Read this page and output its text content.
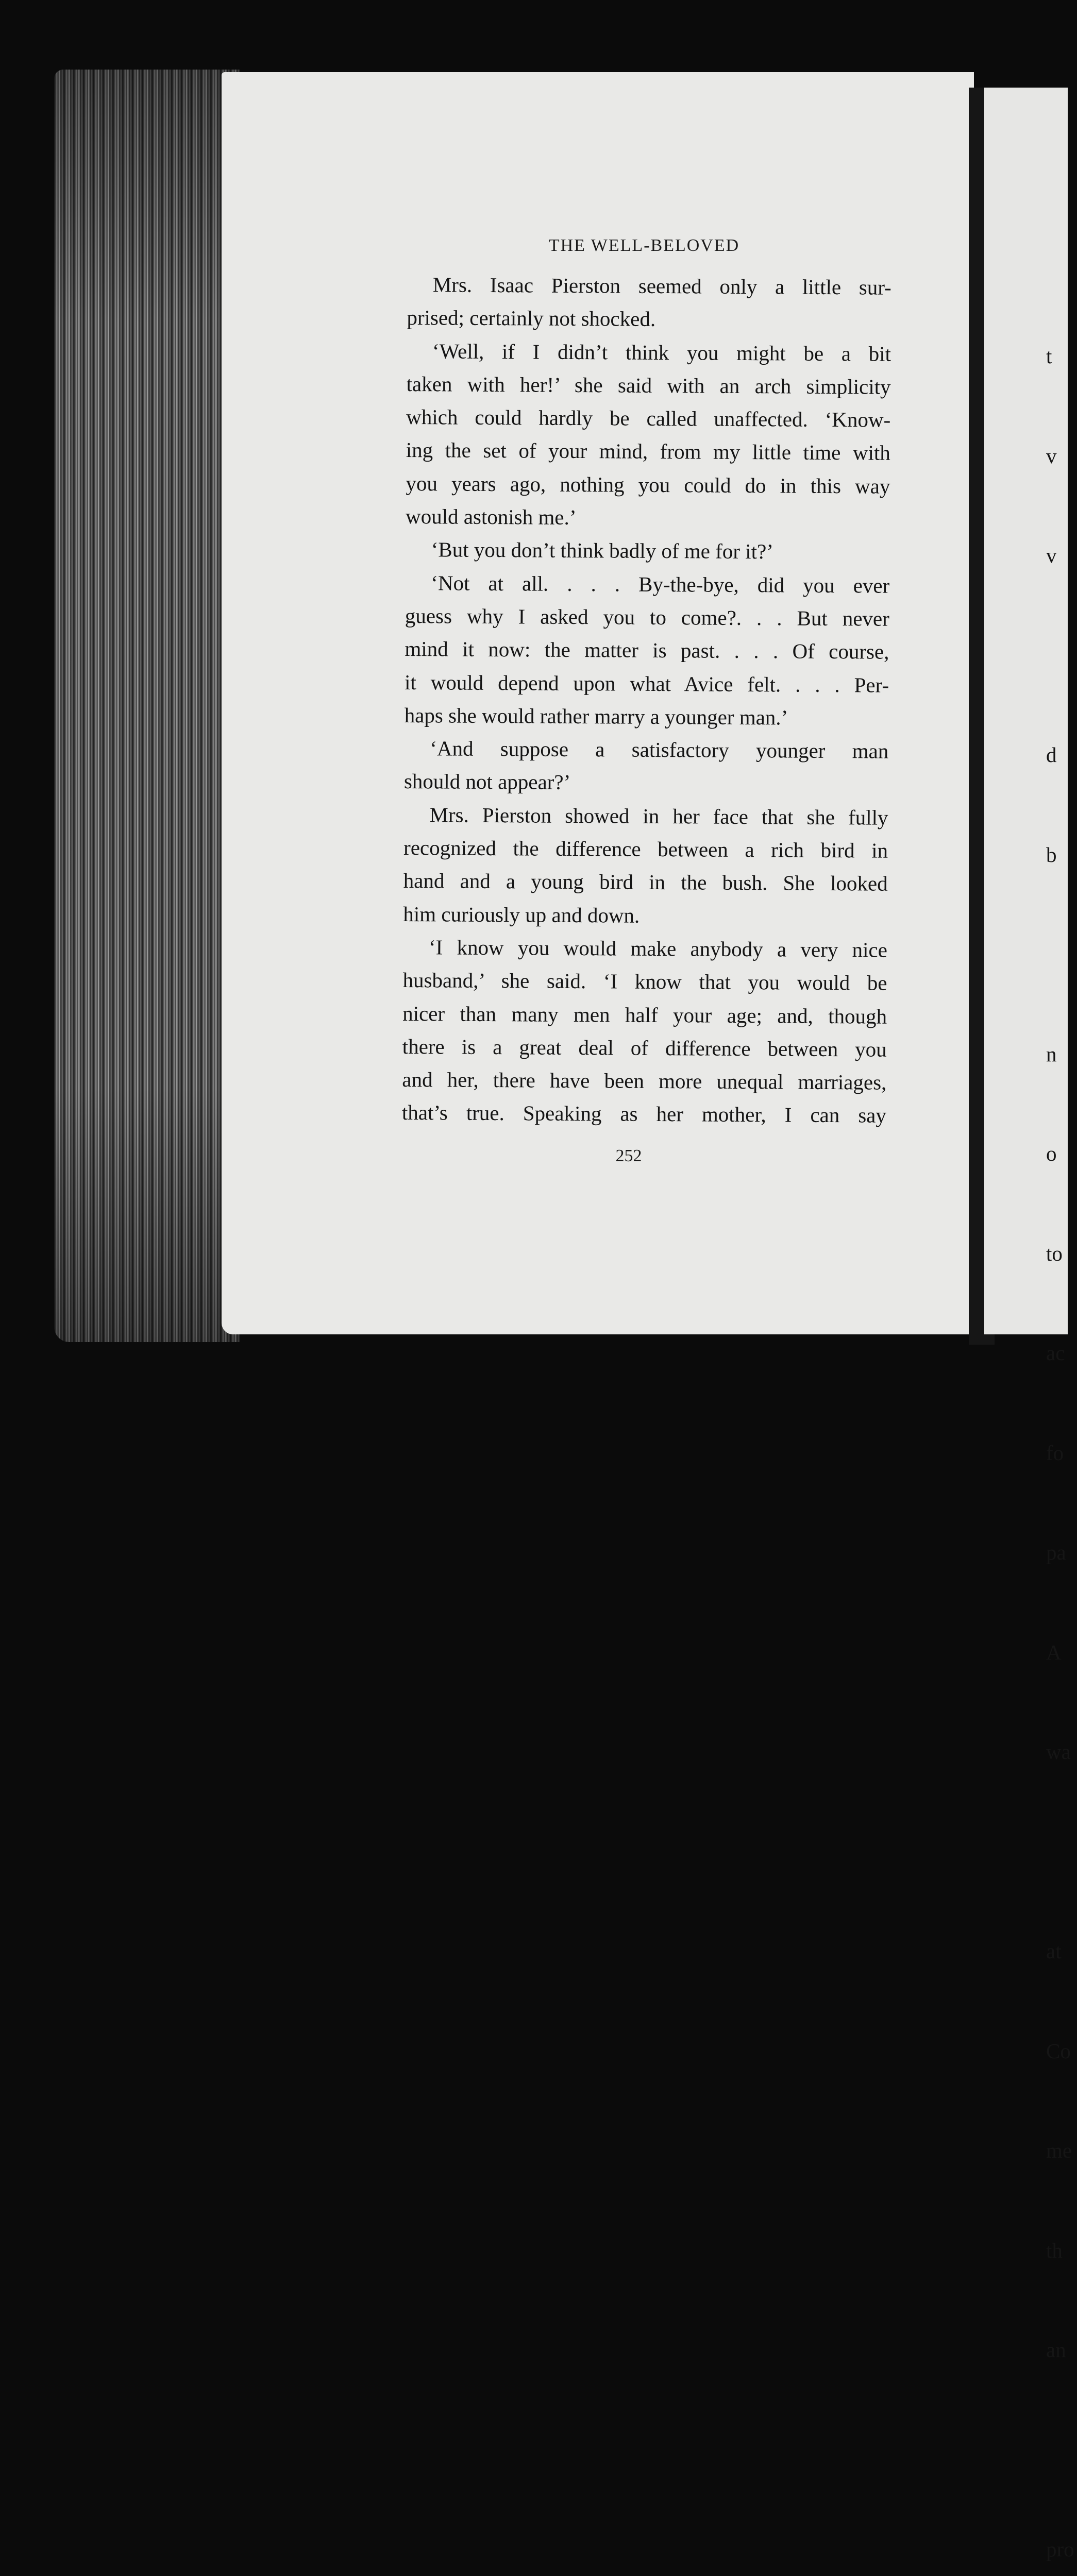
THE WELL-BELOVED

Mrs. Isaac Pierston seemed only a little sur-

prised; certainly not shocked.

‘Well, if I didn’t think you might be a bit

taken with her!’ she said with an arch simplicity

which could hardly be called unaffected. ‘Know-

ing the set of your mind, from my little time with

you years ago, nothing you could do in this way

would astonish me.’

‘But you don’t think badly of me for it?’

‘Not at all. . . . By-the-bye, did you ever

guess why I asked you to come?. . . But never

mind it now: the matter is past. . . . Of course,

it would depend upon what Avice felt. . . . Per-

haps she would rather marry a younger man.’

‘And suppose a satisfactory younger man

should not appear?’

Mrs. Pierston showed in her face that she fully

recognized the difference between a rich bird in

hand and a young bird in the bush. She looked

him curiously up and down.

‘I know you would make anybody a very nice

husband,’ she said. ‘I know that you would be

nicer than many men half your age; and, though

there is a great deal of difference between you

and her, there have been more unequal marriages,

that’s true. Speaking as her mother, I can say

252

t

v

v

d

b

n

o

to

ac

fo

pa

A

wa

at

Co

me

th

an

pro
